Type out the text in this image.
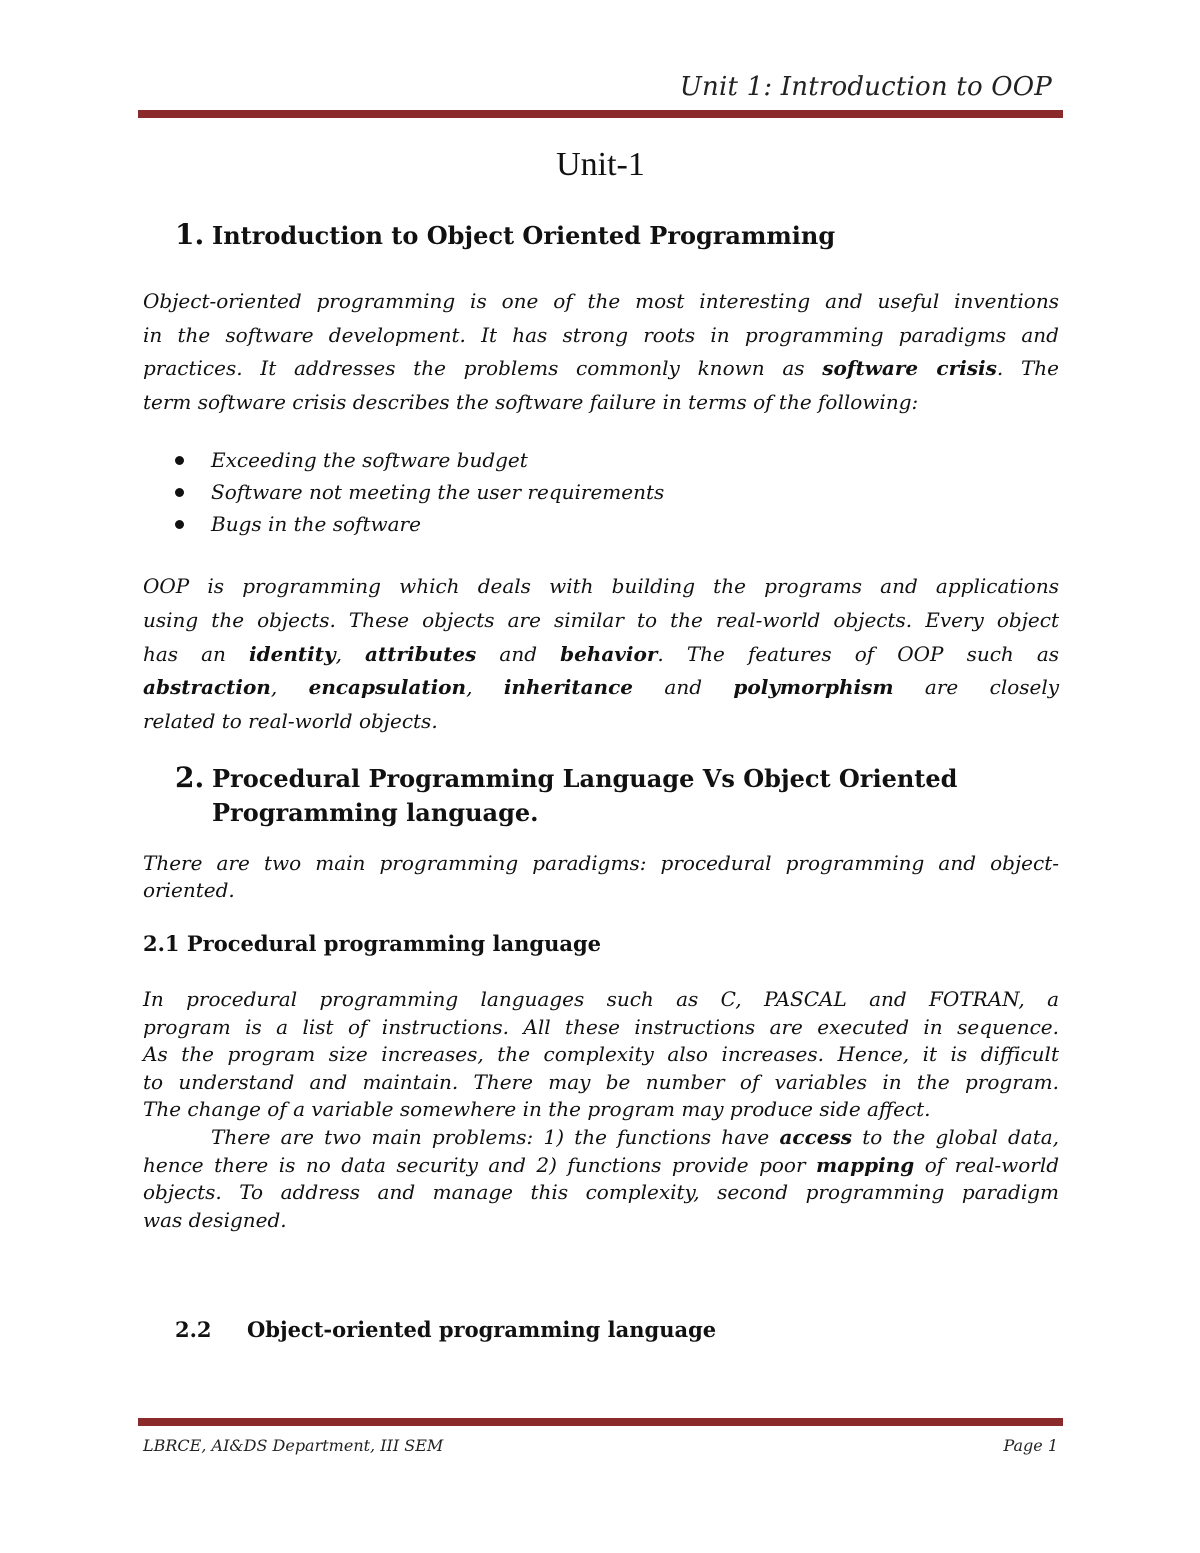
Unit 1: Introduction to OOP
Unit-1
1. Introduction to Object Oriented Programming
Object-oriented programming is one of the most interesting and useful inventions
in the software development. It has strong roots in programming paradigms and
practices. It addresses the problems commonly known as software crisis. The
term software crisis describes the software failure in terms of the following:
Exceeding the software budget
Software not meeting the user requirements
Bugs in the software
OOP is programming which deals with building the programs and applications
using the objects. These objects are similar to the real-world objects. Every object
has an identity, attributes and behavior. The features of OOP such as
abstraction, encapsulation, inheritance and polymorphism are closely
related to real-world objects.
2. Procedural Programming Language Vs Object Oriented
Programming language.
There are two main programming paradigms: procedural programming and object-
oriented.
2.1 Procedural programming language
In procedural programming languages such as C, PASCAL and FOTRAN, a
program is a list of instructions. All these instructions are executed in sequence.
As the program size increases, the complexity also increases. Hence, it is difficult
to understand and maintain. There may be number of variables in the program.
The change of a variable somewhere in the program may produce side affect.
There are two main problems: 1) the functions have access to the global data,
hence there is no data security and 2) functions provide poor mapping of real-world
objects. To address and manage this complexity, second programming paradigm
was designed.
2.2 Object-oriented programming language
LBRCE, AI&DS Department, III SEM	Page 1
